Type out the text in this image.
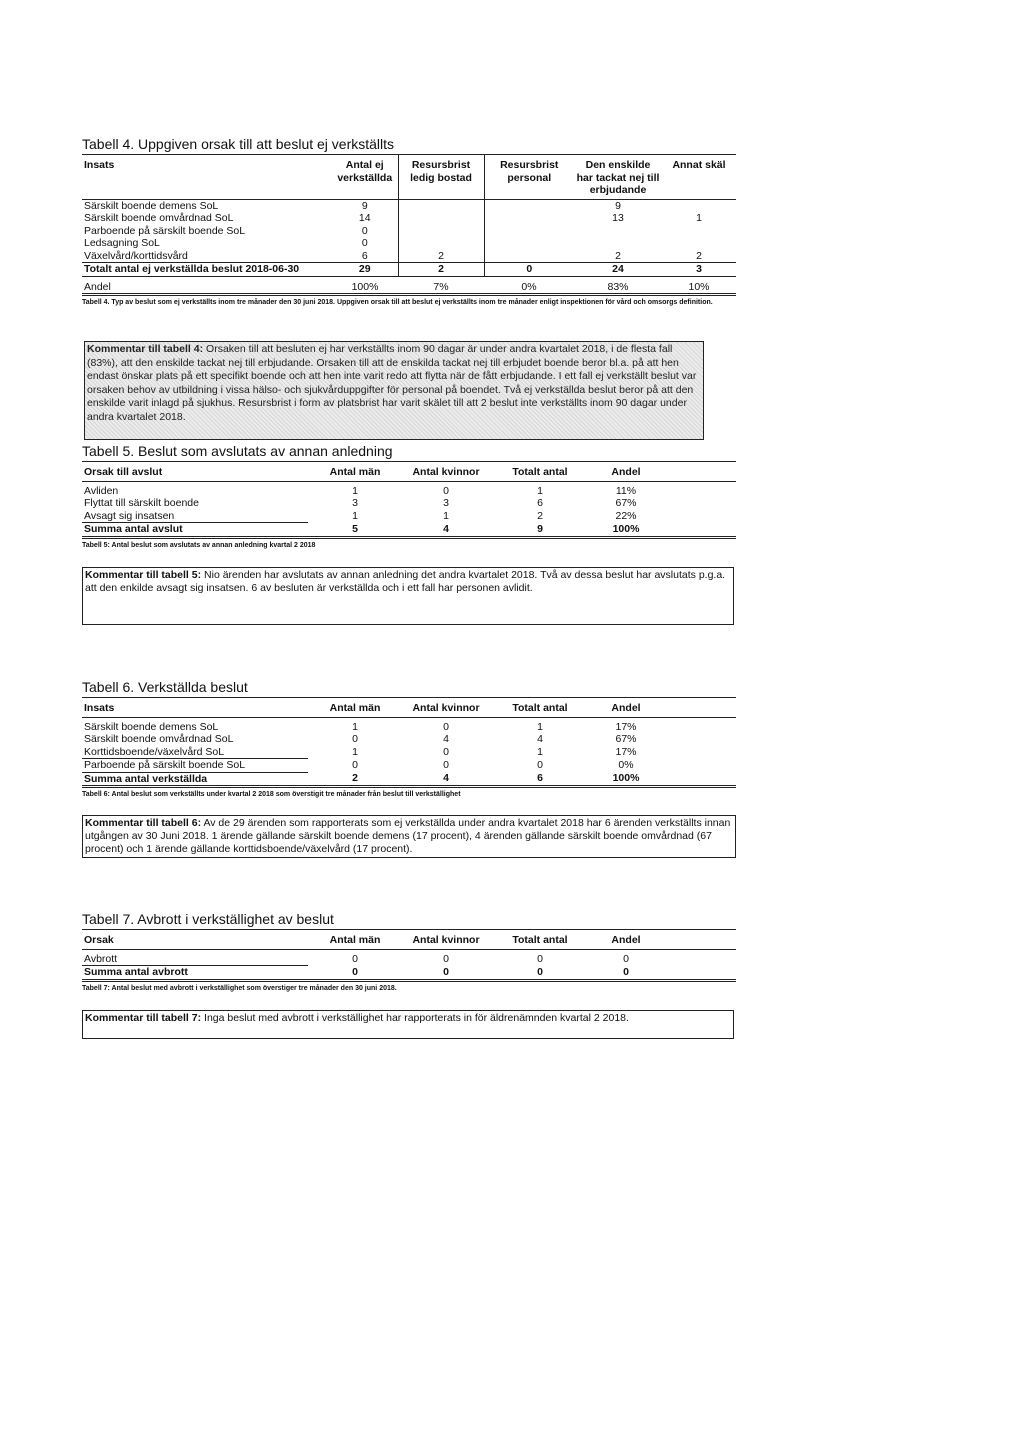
Tabell 4. Uppgiven orsak till att beslut ej verkställts
Insats	Antal ej verkställda	Resursbrist ledig bostad	Resursbrist personal	Den enskilde har tackat nej till erbjudande	Annat skäl
Särskilt boende demens SoL	9			9	
Särskilt boende omvårdnad SoL	14			13	1
Parboende på särskilt boende SoL	0				
Ledsagning SoL	0				
Växelvård/korttidsvård	6	2		2	2
Totalt antal ej verkställda beslut 2018-06-30	29	2	0	24	3

Andel	100%	7%	0%	83%	10%
Tabell 4. Typ av beslut som ej verkställts inom tre månader den 30 juni 2018. Uppgiven orsak till att beslut ej verkställts inom tre månader enligt inspektionen för vård och omsorgs definition.
Kommentar till tabell 4: Orsaken till att besluten ej har verkställts inom 90 dagar är under andra kvartalet 2018, i de flesta fall (83%), att den enskilde tackat nej till erbjudande. Orsaken till att de enskilda tackat nej till erbjudet boende beror bl.a. på att hen endast önskar plats på ett specifikt boende och att hen inte varit redo att flytta när de fått erbjudande. I ett fall ej verkställt beslut var orsaken behov av utbildning i vissa hälso- och sjukvårduppgifter för personal på boendet. Två ej verkställda beslut beror på att den enskilde varit inlagd på sjukhus. Resursbrist i form av platsbrist har varit skälet till att 2 beslut inte verkställts inom 90 dagar under andra kvartalet 2018.
Tabell 5. Beslut som avslutats av annan anledning
Orsak till avslut	Antal män	Antal kvinnor	Totalt antal	Andel	

Avliden	1	0	1	11%	
Flyttat till särskilt boende	3	3	6	67%	
Avsagt sig insatsen	1	1	2	22%	
Summa antal avslut	5	4	9	100%	
Tabell 5: Antal beslut som avslutats av annan anledning kvartal 2 2018
Kommentar till tabell 5: Nio ärenden har avslutats av annan anledning det andra kvartalet 2018. Två av dessa beslut har avslutats p.g.a. att den enkilde avsagt sig insatsen. 6 av besluten är verkställda och i ett fall har personen avlidit.
Tabell 6. Verkställda beslut
Insats	Antal män	Antal kvinnor	Totalt antal	Andel	

Särskilt boende demens SoL	1	0	1	17%	
Särskilt boende omvårdnad SoL	0	4	4	67%	
Korttidsboende/växelvård SoL	1	0	1	17%	
Parboende på särskilt boende SoL	0	0	0	0%	
Summa antal verkställda	2	4	6	100%	
Tabell 6: Antal beslut som verkställts under kvartal 2 2018 som överstigit tre månader från beslut till verkställighet
Kommentar till tabell 6: Av de 29 ärenden som rapporterats som ej verkställda under andra kvartalet 2018 har 6 ärenden verkställts innan utgången av 30 Juni 2018. 1 ärende gällande särskilt boende demens (17 procent), 4 ärenden gällande särskilt boende omvårdnad (67 procent) och 1 ärende gällande korttidsboende/växelvård (17 procent).
Tabell 7. Avbrott i verkställighet av beslut
Orsak	Antal män	Antal kvinnor	Totalt antal	Andel	

Avbrott	0	0	0	0	
Summa antal avbrott	0	0	0	0	
Tabell 7: Antal beslut med avbrott i verkställighet som överstiger tre månader den 30 juni 2018.
Kommentar till tabell 7: Inga beslut med avbrott i verkställighet har rapporterats in för äldrenämnden kvartal 2 2018.
